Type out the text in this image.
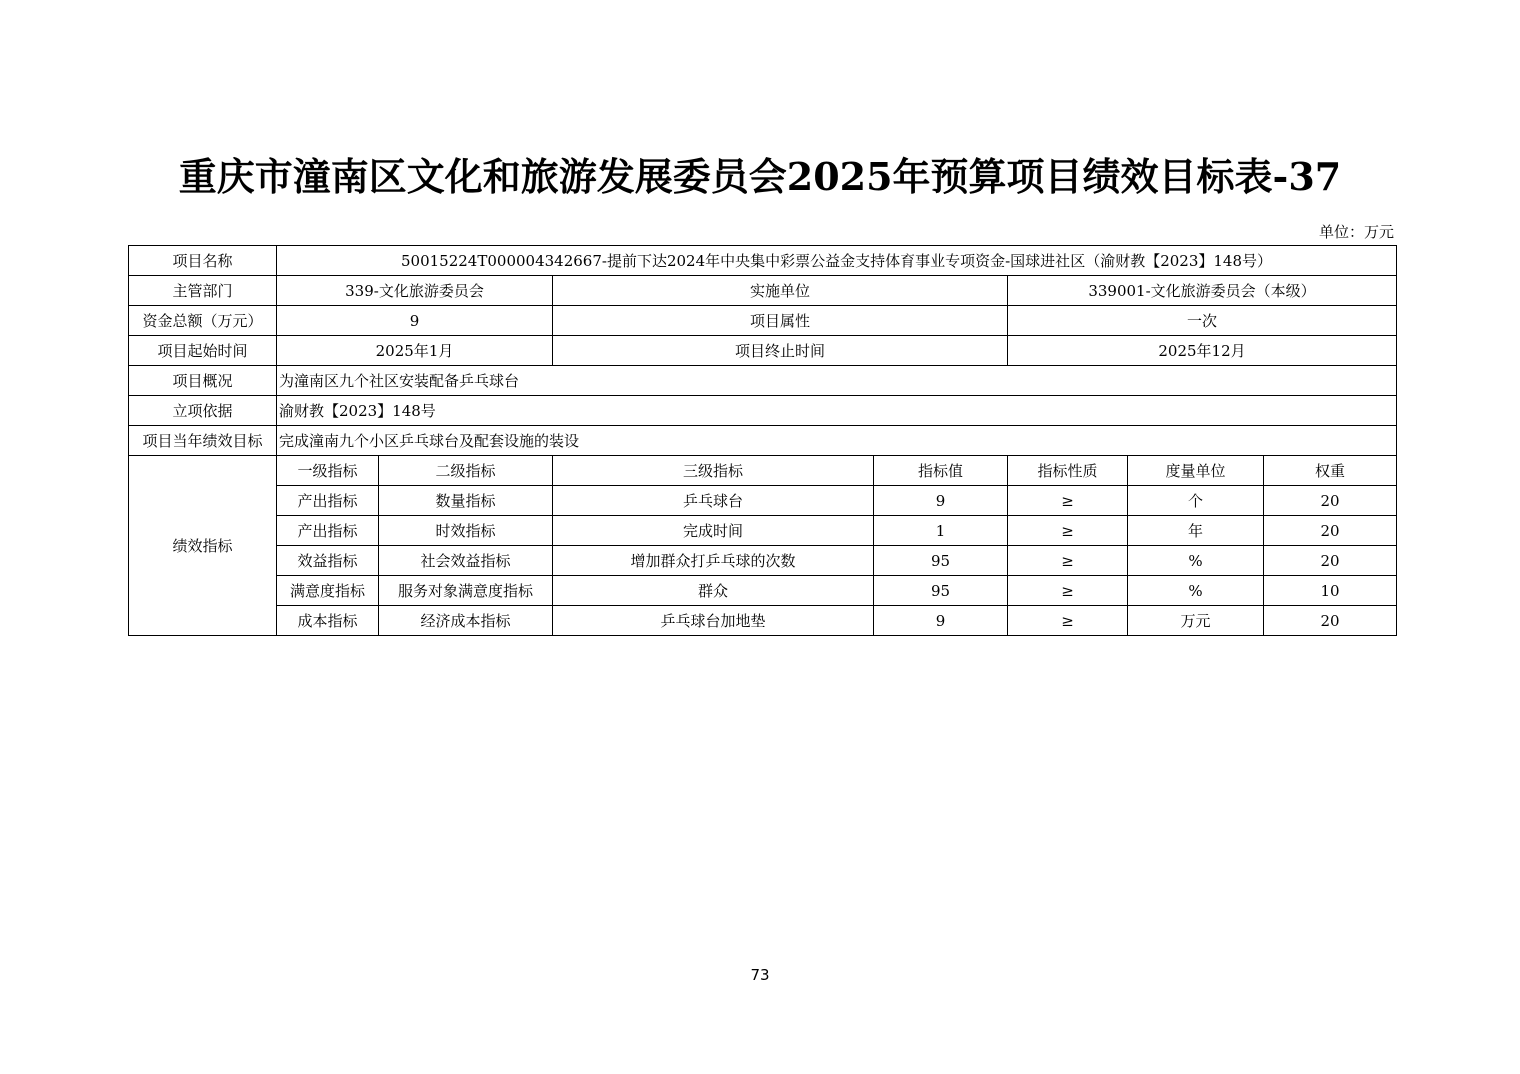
重庆市潼南区文化和旅游发展委员会2025年预算项目绩效目标表-37
单位：万元
项目名称	50015224T000004342667-提前下达2024年中央集中彩票公益金支持体育事业专项资金-国球进社区（渝财教【2023】148号）						
主管部门	339-文化旅游委员会		实施单位		339001-文化旅游委员会（本级）		
资金总额（万元）	9		项目属性		一次		
项目起始时间	2025年1月		项目终止时间		2025年12月		
项目概况	为潼南区九个社区安装配备乒乓球台						
立项依据	渝财教【2023】148号						
项目当年绩效目标	完成潼南九个小区乒乓球台及配套设施的装设						
绩效指标	一级指标	二级指标	三级指标	指标值	指标性质	度量单位	权重
	产出指标	数量指标	乒乓球台	9	≥	个	20
	产出指标	时效指标	完成时间	1	≥	年	20
	效益指标	社会效益指标	增加群众打乒乓球的次数	95	≥	%	20
	满意度指标	服务对象满意度指标	群众	95	≥	%	10
	成本指标	经济成本指标	乒乓球台加地垫	9	≥	万元	20
73
